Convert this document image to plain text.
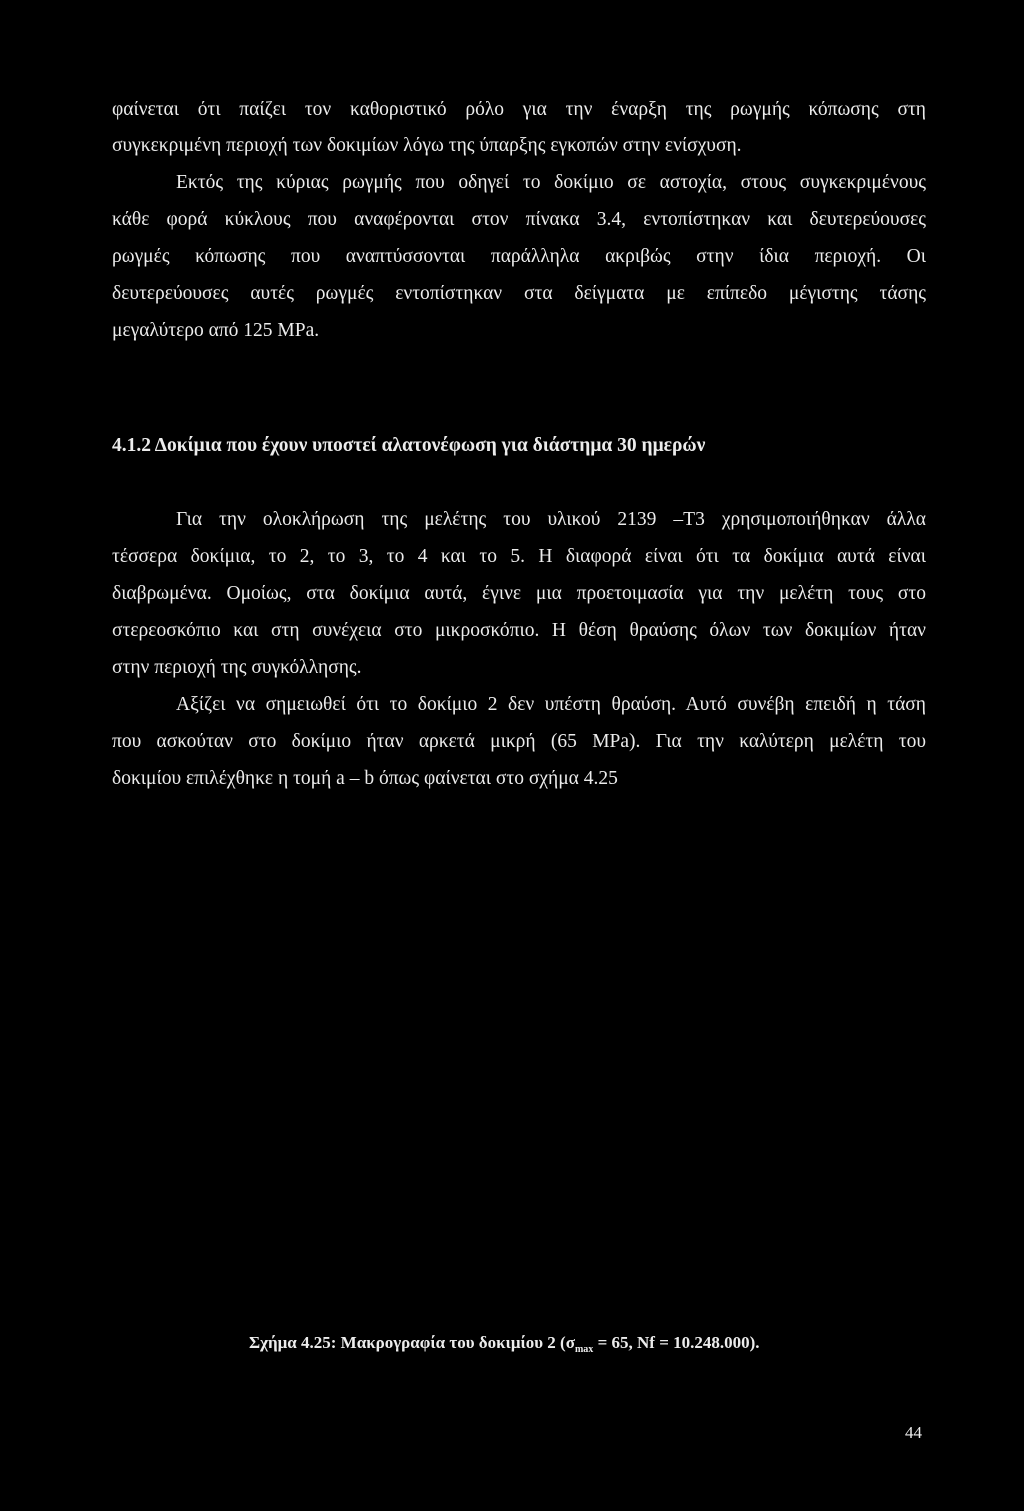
φαίνεται ότι παίζει τον καθοριστικό ρόλο για την έναρξη της ρωγμής κόπωσης στη
συγκεκριμένη περιοχή των δοκιμίων λόγω της ύπαρξης εγκοπών στην ενίσχυση.
Εκτός της κύριας ρωγμής που οδηγεί το δοκίμιο σε αστοχία, στους συγκεκριμένους
κάθε φορά κύκλους που αναφέρονται στον πίνακα 3.4, εντοπίστηκαν και δευτερεύουσες
ρωγμές κόπωσης που αναπτύσσονται παράλληλα ακριβώς στην ίδια περιοχή. Οι
δευτερεύουσες αυτές ρωγμές εντοπίστηκαν στα δείγματα με επίπεδο μέγιστης τάσης
μεγαλύτερο από 125 MPa.
4.1.2 Δοκίμια που έχουν υποστεί αλατονέφωση για διάστημα 30 ημερών
Για την ολοκλήρωση της μελέτης του υλικού 2139 –T3 χρησιμοποιήθηκαν άλλα
τέσσερα δοκίμια, το 2, το 3, το 4 και το 5. Η διαφορά είναι ότι τα δοκίμια αυτά είναι
διαβρωμένα. Ομοίως, στα δοκίμια αυτά, έγινε μια προετοιμασία για την μελέτη τους στο
στερεοσκόπιο και στη συνέχεια στο μικροσκόπιο. Η θέση θραύσης όλων των δοκιμίων ήταν
στην περιοχή της συγκόλλησης.
Αξίζει να σημειωθεί ότι το δοκίμιο 2 δεν υπέστη θραύση. Αυτό συνέβη επειδή η τάση
που ασκούταν στο δοκίμιο ήταν αρκετά μικρή (65 MPa). Για την καλύτερη μελέτη του
δοκιμίου επιλέχθηκε η τομή a – b όπως φαίνεται στο σχήμα 4.25
Σχήμα 4.25: Μακρογραφία του δοκιμίου 2 ($\sigma_{max} = 65$, Nf = 10.248.000).
44
